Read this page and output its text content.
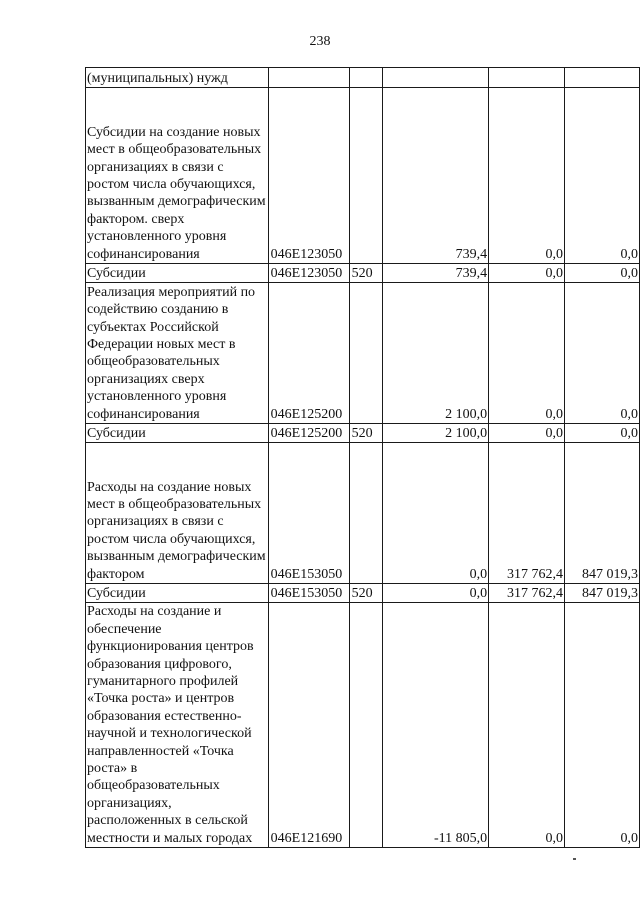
238
(муниципальных) нужд					
Субсидии на создание новых мест в общеобразовательных организациях в связи с ростом числа обучающихся, вызванным демографическим фактором. сверх установленного уровня софинансирования	046E123050		739,4	0,0	0,0
Субсидии	046E123050	520	739,4	0,0	0,0
Реализация мероприятий по содействию созданию в субъектах Российской Федерации новых мест в общеобразовательных организациях сверх установленного уровня софинансирования	046E125200		2 100,0	0,0	0,0
Субсидии	046E125200	520	2 100,0	0,0	0,0
Расходы на создание новых мест в общеобразовательных организациях в связи с ростом числа обучающихся, вызванным демографическим фактором	046E153050		0,0	317 762,4	847 019,3
Субсидии	046E153050	520	0,0	317 762,4	847 019,3
Расходы на создание и обеспечение функционирования центров образования цифрового, гуманитарного профилей «Точка роста» и центров образования естественно-научной и технологической направленностей «Точка роста» в общеобразовательных организациях, расположенных в сельской местности и малых городах	046E121690		-11 805,0	0,0	0,0
